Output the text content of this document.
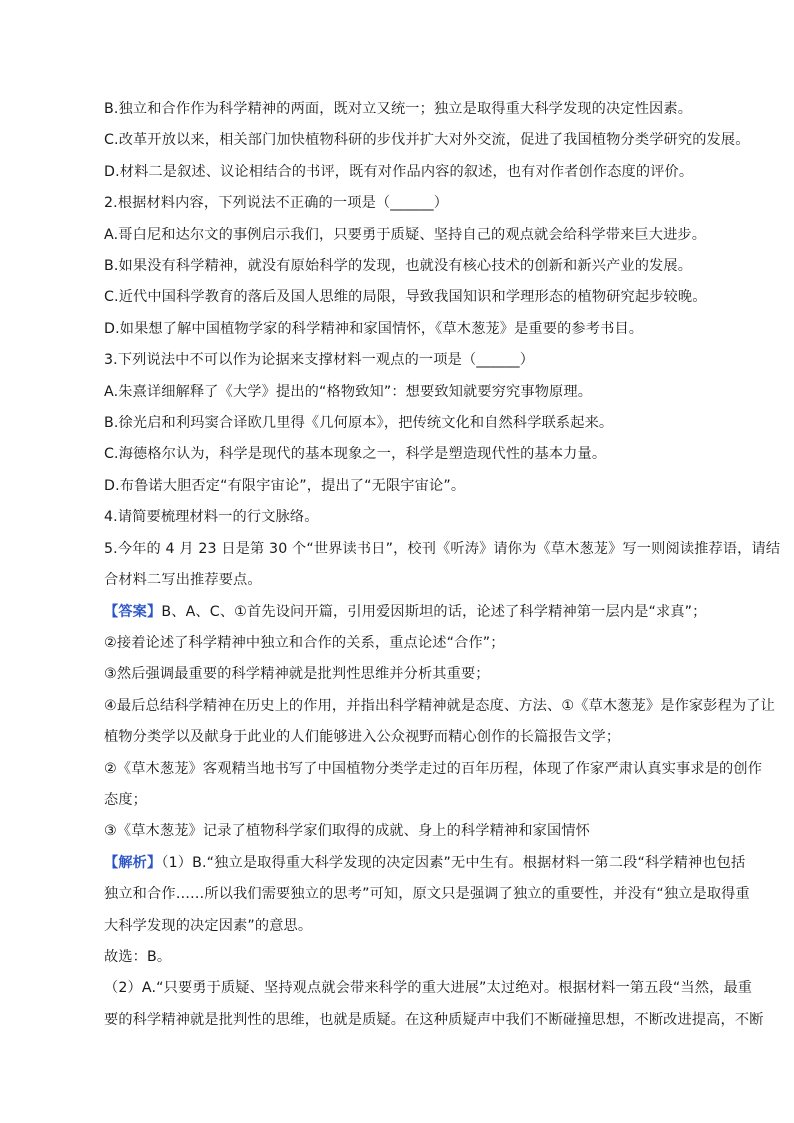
B.独立和合作作为科学精神的两面，既对立又统一；独立是取得重大科学发现的决定性因素。
C.改革开放以来，相关部门加快植物科研的步伐并扩大对外交流，促进了我国植物分类学研究的发展。
D.材料二是叙述、议论相结合的书评，既有对作品内容的叙述，也有对作者创作态度的评价。
2.根据材料内容，下列说法不正确的一项是（______）
A.哥白尼和达尔文的事例启示我们，只要勇于质疑、坚持自己的观点就会给科学带来巨大进步。
B.如果没有科学精神，就没有原始科学的发现，也就没有核心技术的创新和新兴产业的发展。
C.近代中国科学教育的落后及国人思维的局限，导致我国知识和学理形态的植物研究起步较晚。
D.如果想了解中国植物学家的科学精神和家国情怀，《草木葱茏》是重要的参考书目。
3.下列说法中不可以作为论据来支撑材料一观点的一项是（______）
A.朱熹详细解释了《大学》提出的“格物致知”：想要致知就要穷究事物原理。
B.徐光启和利玛窦合译欧几里得《几何原本》，把传统文化和自然科学联系起来。
C.海德格尔认为，科学是现代的基本现象之一，科学是塑造现代性的基本力量。
D.布鲁诺大胆否定“有限宇宙论”，提出了“无限宇宙论”。
4.请简要梳理材料一的行文脉络。
5.今年的 4 月 23 日是第 30 个“世界读书日”，校刊《听涛》请你为《草木葱茏》写一则阅读推荐语，请结
合材料二写出推荐要点。
【答案】B、A、C、①首先设问开篇，引用爱因斯坦的话，论述了科学精神第一层内是“求真”；
②接着论述了科学精神中独立和合作的关系，重点论述“合作”；
③然后强调最重要的科学精神就是批判性思维并分析其重要；
④最后总结科学精神在历史上的作用，并指出科学精神就是态度、方法、①《草木葱茏》是作家彭程为了让
植物分类学以及献身于此业的人们能够进入公众视野而精心创作的长篇报告文学；
②《草木葱茏》客观精当地书写了中国植物分类学走过的百年历程，体现了作家严肃认真实事求是的创作
态度；
③《草木葱茏》记录了植物科学家们取得的成就、身上的科学精神和家国情怀
【解析】（1）B.“独立是取得重大科学发现的决定因素”无中生有。根据材料一第二段“科学精神也包括
独立和合作……所以我们需要独立的思考”可知，原文只是强调了独立的重要性，并没有“独立是取得重
大科学发现的决定因素”的意思。
故选：B。
（2）A.“只要勇于质疑、坚持观点就会带来科学的重大进展”太过绝对。根据材料一第五段“当然，最重
要的科学精神就是批判性的思维，也就是质疑。在这种质疑声中我们不断碰撞思想，不断改进提高，不断
